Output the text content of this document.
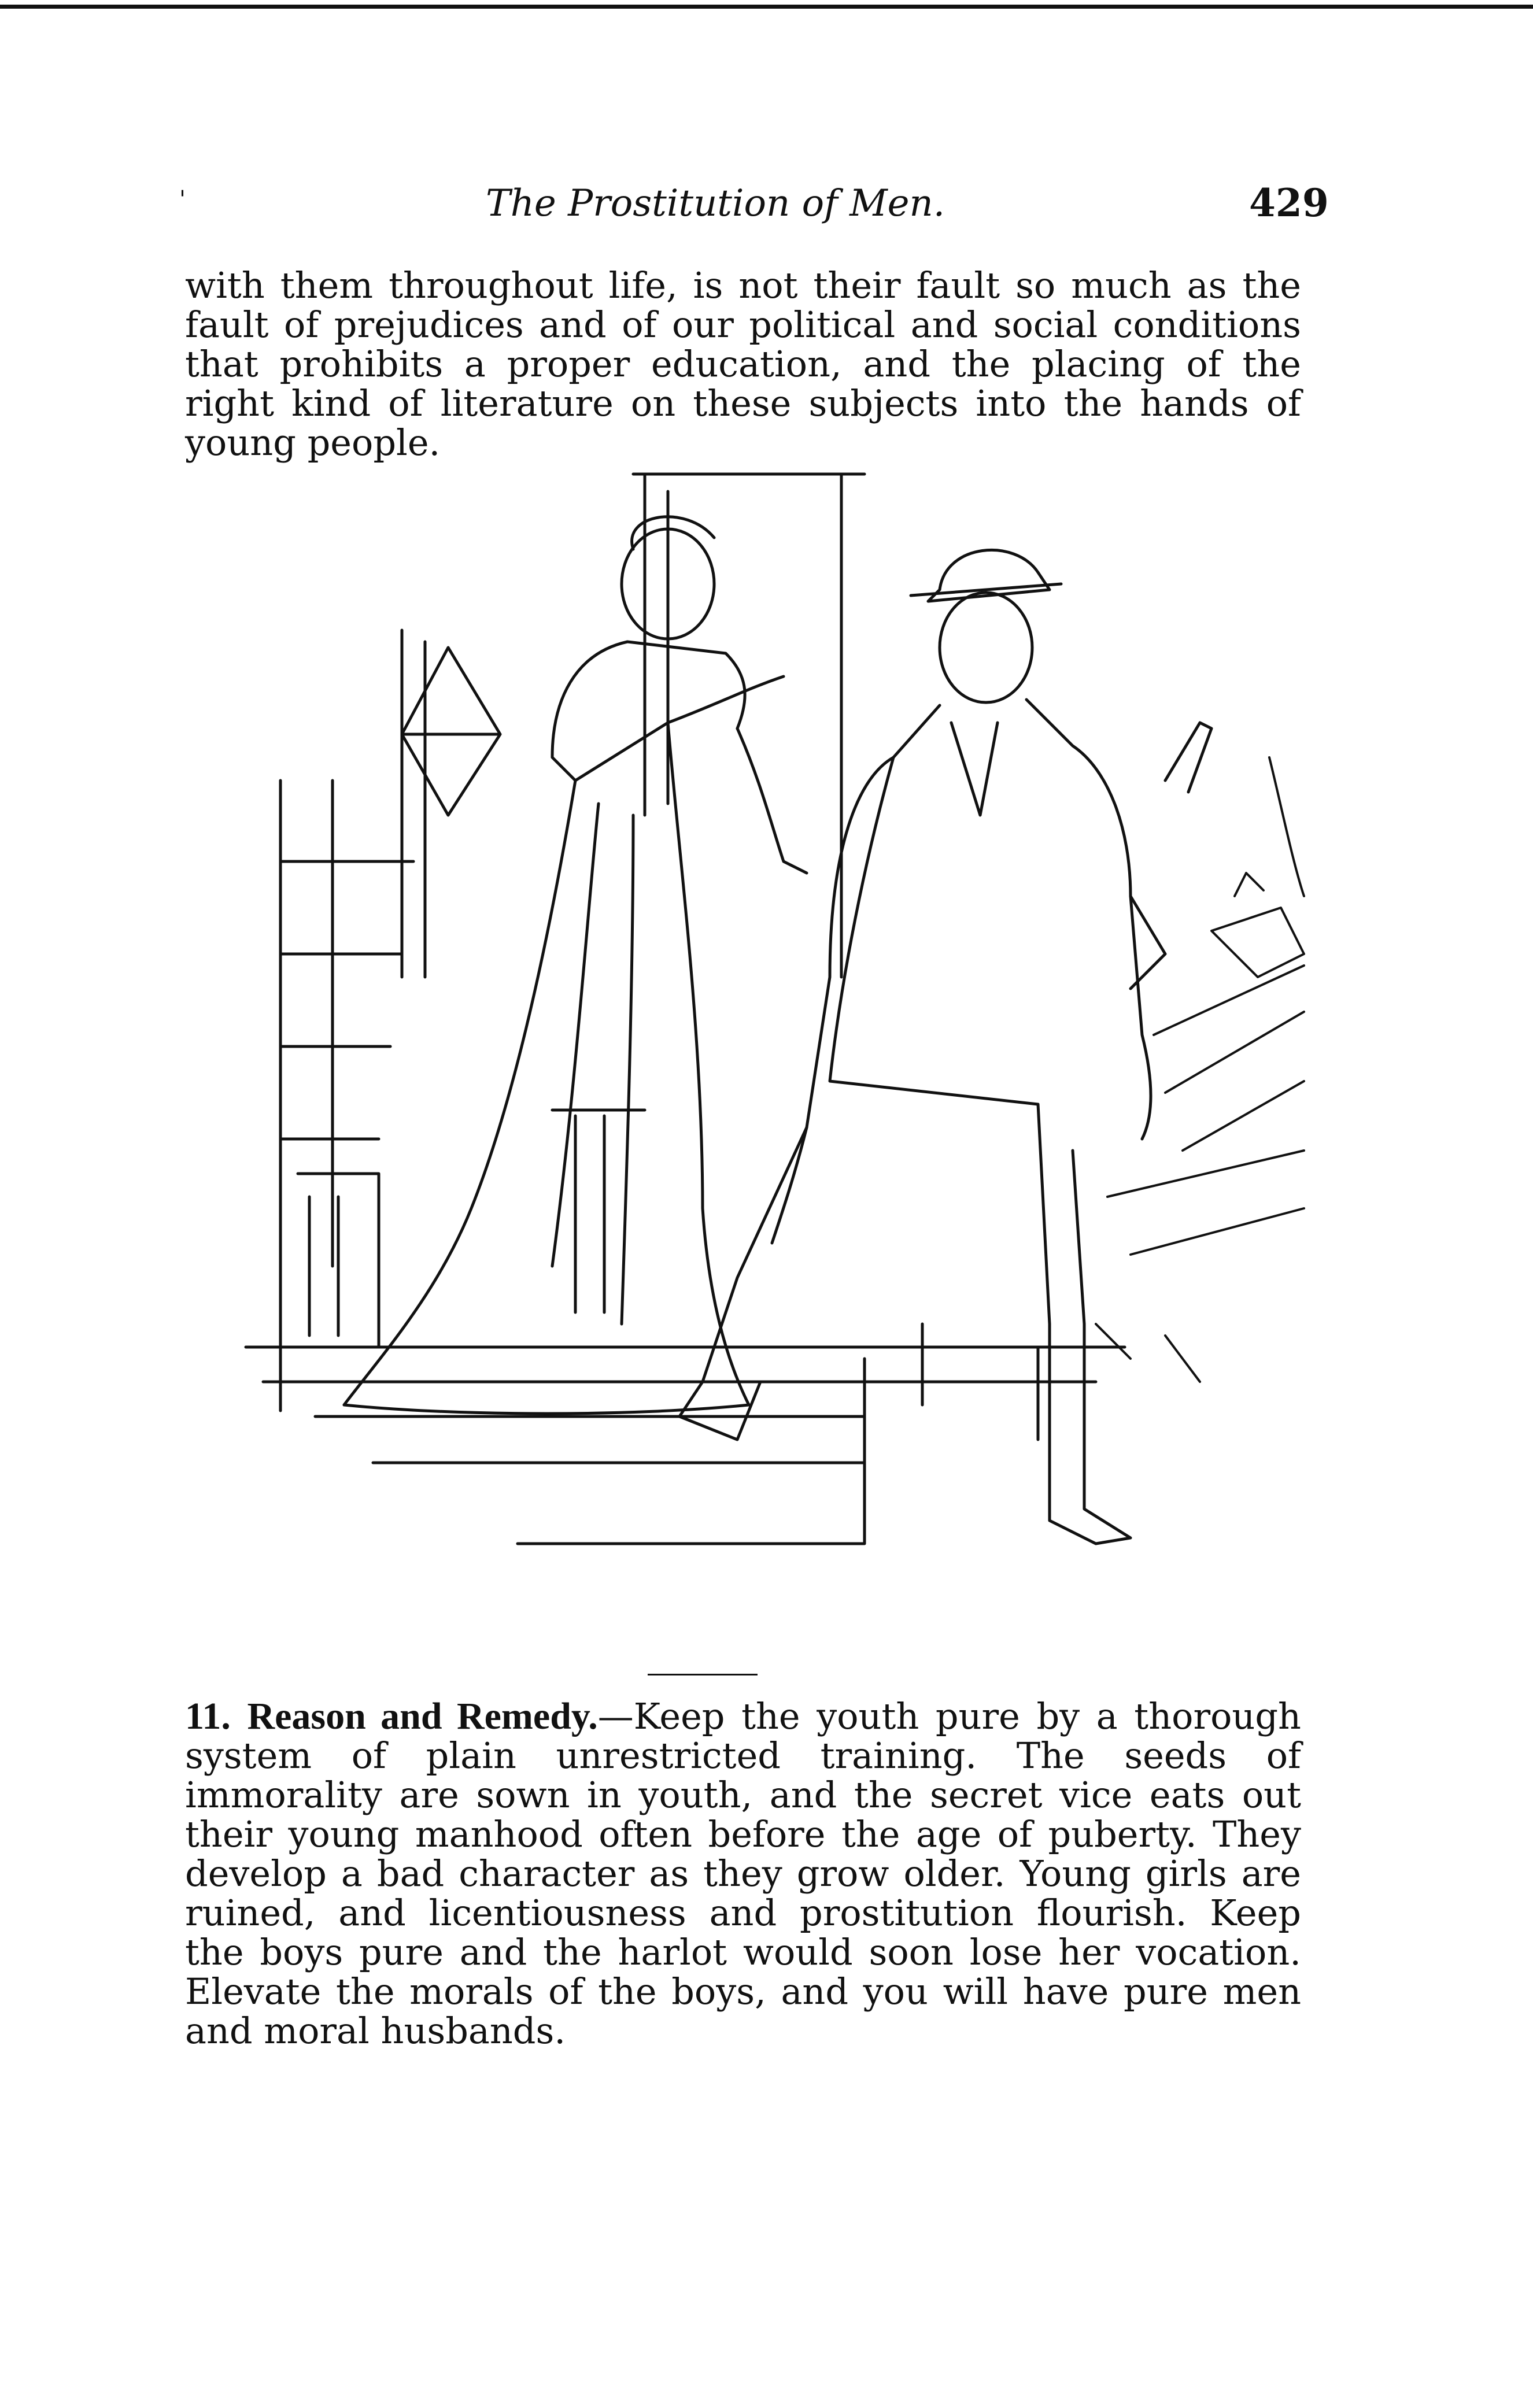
'	The Prostitution of Men.	429
with them throughout life, is not their fault so much as the fault of prejudices and of our political and social conditions that prohibits a proper education, and the placing of the right kind of literature on these subjects into the hands of young people.
11. Reason and Remedy.—Keep the youth pure by a thorough system of plain unrestricted training. The seeds of immorality are sown in youth, and the secret vice eats out their young manhood often before the age of puberty. They develop a bad character as they grow older. Young girls are ruined, and licentiousness and prostitution flourish. Keep the boys pure and the harlot would soon lose her vocation. Elevate the morals of the boys, and you will have pure men and moral husbands.
